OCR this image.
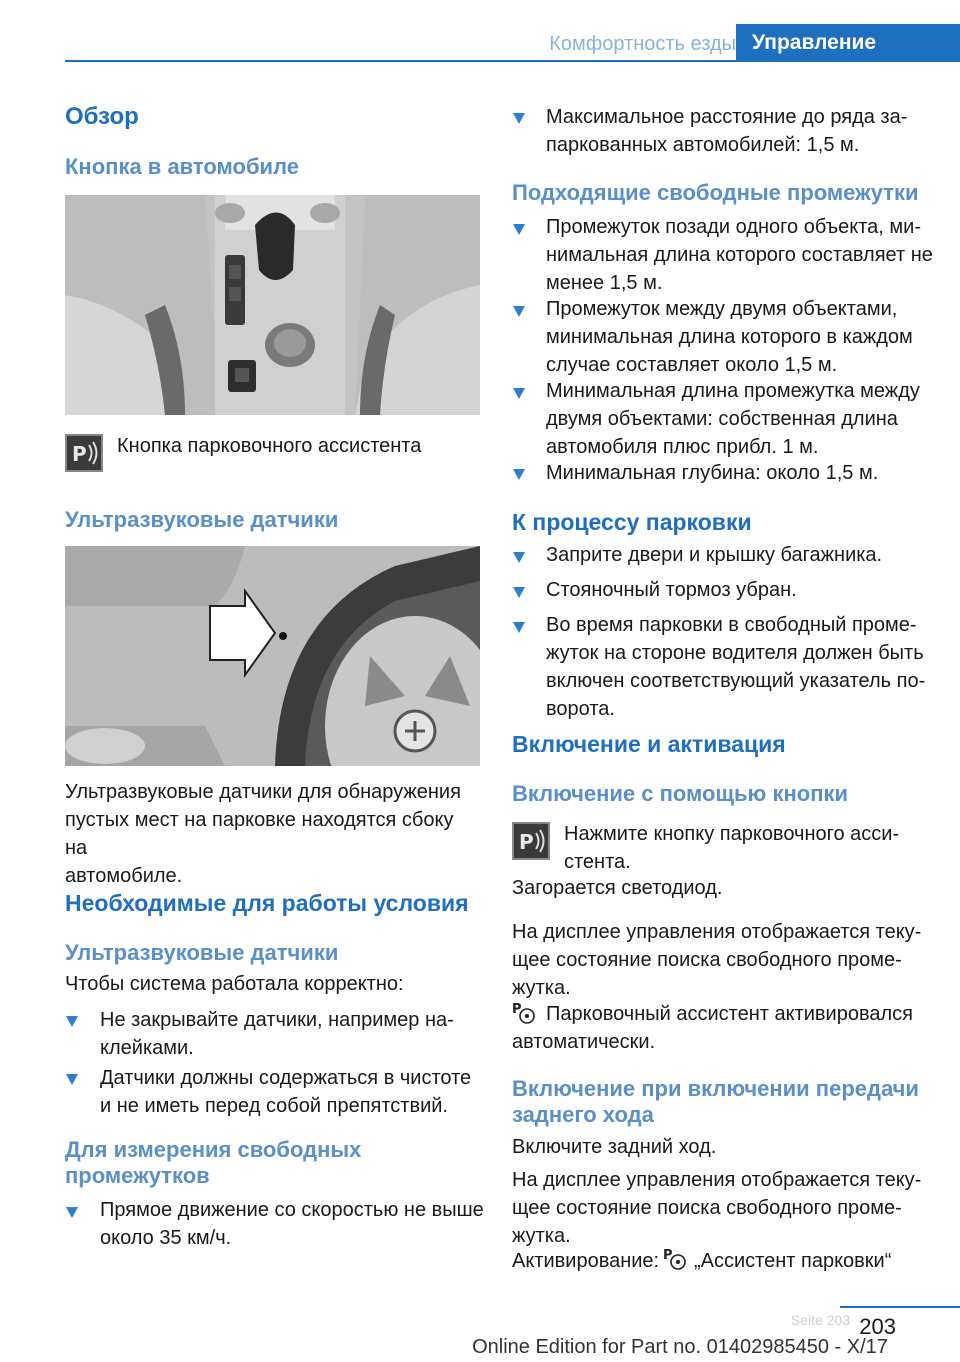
Комфортность езды Управление
Обзор
Кнопка в автомобиле
P Кнопка парковочного ассистента
Ультразвуковые датчики
Ультразвуковые датчики для обнаружения
пустых мест на парковке находятся сбоку на
автомобиле.
Необходимые для работы условия
Ультразвуковые датчики
Чтобы система работала корректно:
Не закрывайте датчики, например на-
клейками.
Датчики должны содержаться в чистоте
и не иметь перед собой препятствий.
Для измерения свободных
промежутков
Прямое движение со скоростью не выше
около 35 км/ч.
Максимальное расстояние до ряда за-
паркованных автомобилей: 1,5 м.
Подходящие свободные промежутки
Промежуток позади одного объекта, ми-
нимальная длина которого составляет не
менее 1,5 м.
Промежуток между двумя объектами,
минимальная длина которого в каждом
случае составляет около 1,5 м.
Минимальная длина промежутка между
двумя объектами: собственная длина
автомобиля плюс прибл. 1 м.
Минимальная глубина: около 1,5 м.
К процессу парковки
Заприте двери и крышку багажника.
Стояночный тормоз убран.
Во время парковки в свободный проме-
жуток на стороне водителя должен быть
включен соответствующий указатель по-
ворота.
Включение и активация
Включение с помощью кнопки
P Нажмите кнопку парковочного асси-
стента.
Загорается светодиод.
На дисплее управления отображается теку-
щее состояние поиска свободного проме-
жутка.
P	Парковочный ассистент активировался
автоматически.
Включение при включении передачи
заднего хода
Включите задний ход.
На дисплее управления отображается теку-
щее состояние поиска свободного проме-
жутка.
Активирование: P „Ассистент парковки“
Seite 203 203
Online Edition for Part no. 01402985450 - X/17
